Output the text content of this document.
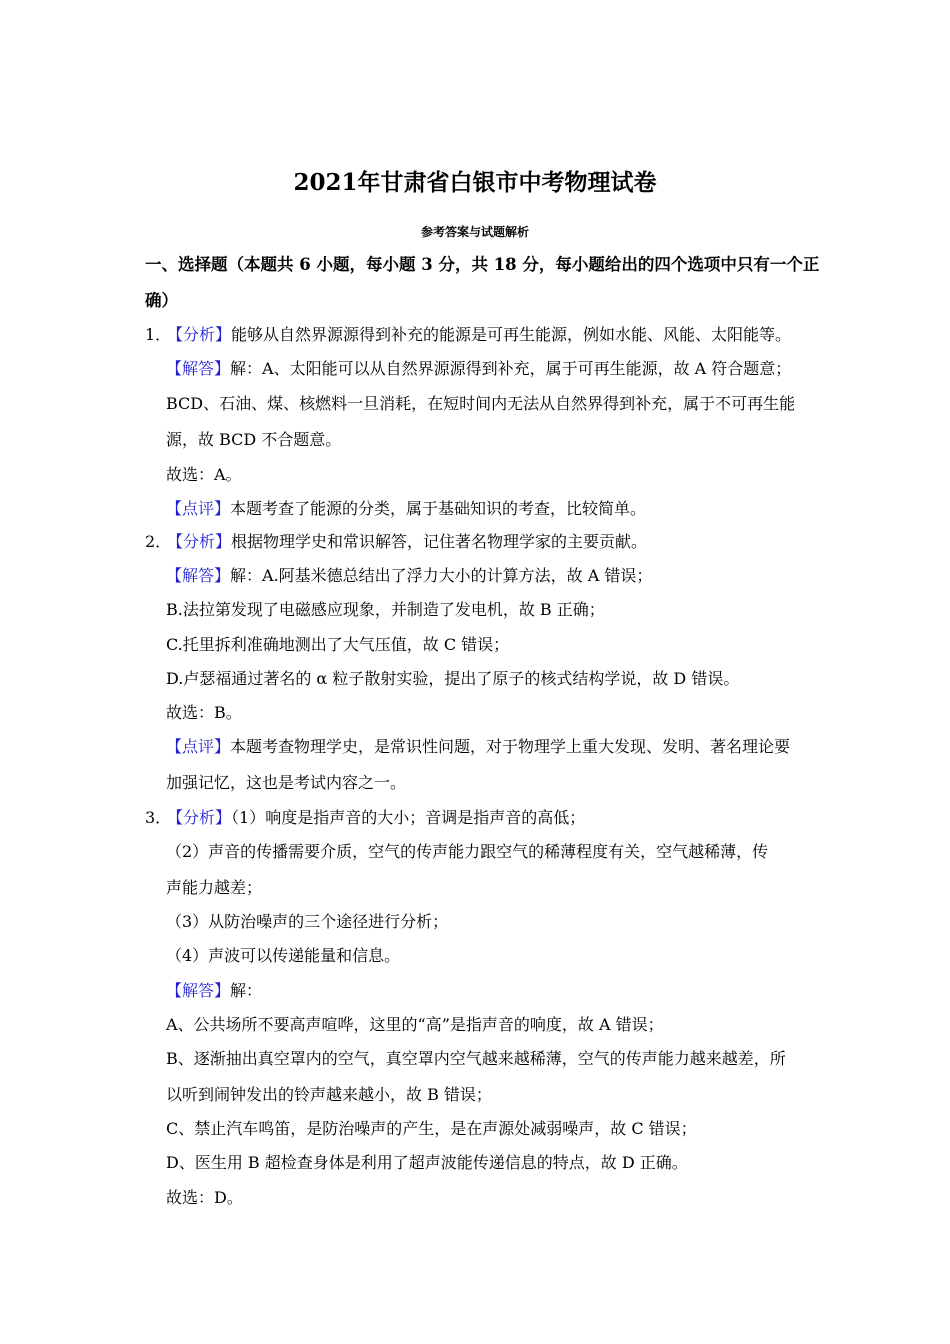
2021年甘肃省白银市中考物理试卷
参考答案与试题解析
一、选择题（本题共 6 小题，每小题 3 分，共 18 分，每小题给出的四个选项中只有一个正
确）
1．【分析】能够从自然界源源得到补充的能源是可再生能源，例如水能、风能、太阳能等。
【解答】解：A、太阳能可以从自然界源源得到补充，属于可再生能源，故 A 符合题意；
BCD、石油、煤、核燃料一旦消耗，在短时间内无法从自然界得到补充，属于不可再生能
源，故 BCD 不合题意。
故选：A。
【点评】本题考查了能源的分类，属于基础知识的考查，比较简单。
2．【分析】根据物理学史和常识解答，记住著名物理学家的主要贡献。
【解答】解：A.阿基米德总结出了浮力大小的计算方法，故 A 错误；
B.法拉第发现了电磁感应现象，并制造了发电机，故 B 正确；
C.托里拆利准确地测出了大气压值，故 C 错误；
D.卢瑟福通过著名的 α 粒子散射实验，提出了原子的核式结构学说，故 D 错误。
故选：B。
【点评】本题考查物理学史，是常识性问题，对于物理学上重大发现、发明、著名理论要
加强记忆，这也是考试内容之一。
3．【分析】（1）响度是指声音的大小；音调是指声音的高低；
（2）声音的传播需要介质，空气的传声能力跟空气的稀薄程度有关，空气越稀薄，传
声能力越差；
（3）从防治噪声的三个途径进行分析；
（4）声波可以传递能量和信息。
【解答】解：
A、公共场所不要高声喧哗，这里的“高”是指声音的响度，故 A 错误；
B、逐渐抽出真空罩内的空气，真空罩内空气越来越稀薄，空气的传声能力越来越差，所
以听到闹钟发出的铃声越来越小，故 B 错误；
C、禁止汽车鸣笛，是防治噪声的产生，是在声源处减弱噪声，故 C 错误；
D、医生用 B 超检查身体是利用了超声波能传递信息的特点，故 D 正确。
故选：D。
